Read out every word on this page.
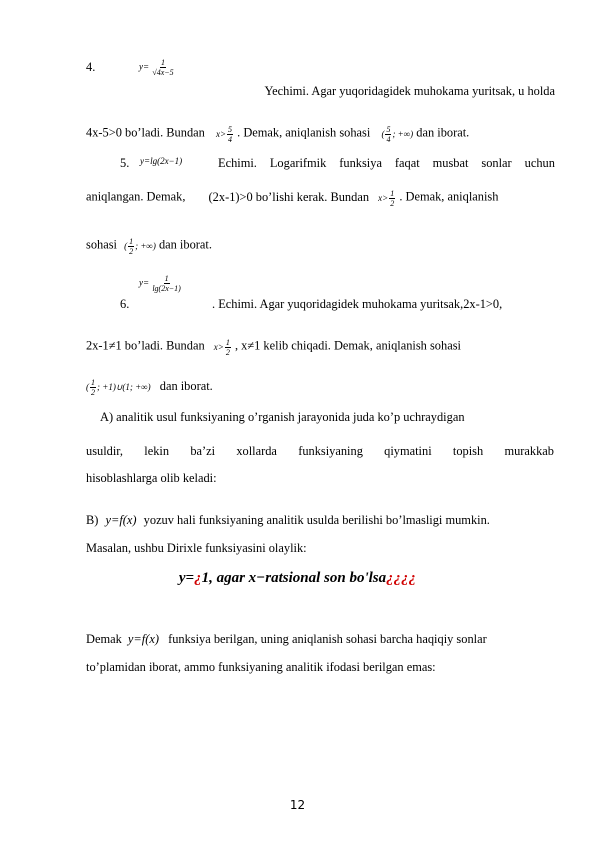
4.	$y= \frac{1}{√4x-5}$
Yechimi. Agar yuqoridagidek muhokama yuritsak, u holda
4x-5>0 bo’ladi. Bundan $x> \frac{5}{4}$ . Demak, aniqlanish sohasi ( $\frac{5}{4}$ ; +∞) dan iborat.
5.	y=lg(2x−1)	Echimi. Logarifmik funksiya faqat musbat sonlar uchun
aniqlangan. Demak, (2x-1)>0 bo’lishi kerak. Bundan $x> \frac{1}{2}$ . Demak, aniqlanish
sohasi ( $\frac{1}{2}$ ; +∞) dan iborat.
6.
$y= \frac{1}{\lg(2x-1)}$
. Echimi. Agar yuqoridagidek muhokama yuritsak,2x-1>0,
2x-1≠1 bo’ladi. Bundan $x> \frac{1}{2}$ , x≠1 kelib chiqadi. Demak, aniqlanish sohasi
( $\frac{1}{2}$ ; +1)∪(1; +∞) dan iborat.
A) analitik usul funksiyaning o’rganish jarayonida juda ko’p uchraydigan
usuldir, lekin ba’zi xollarda funksiyaning qiymatini topish murakkab
hisoblashlarga olib keladi:
B) y=f(x) yozuv hali funksiyaning analitik usulda berilishi bo’lmasligi mumkin.
Masalan, ushbu Dirixle funksiyasini olaylik:
y=¿1, agar x−ratsional son bo'lsa¿¿¿¿
Demak y=f(x) funksiya berilgan, uning aniqlanish sohasi barcha haqiqiy sonlar
to’plamidan iborat, ammo funksiyaning analitik ifodasi berilgan emas:
12
